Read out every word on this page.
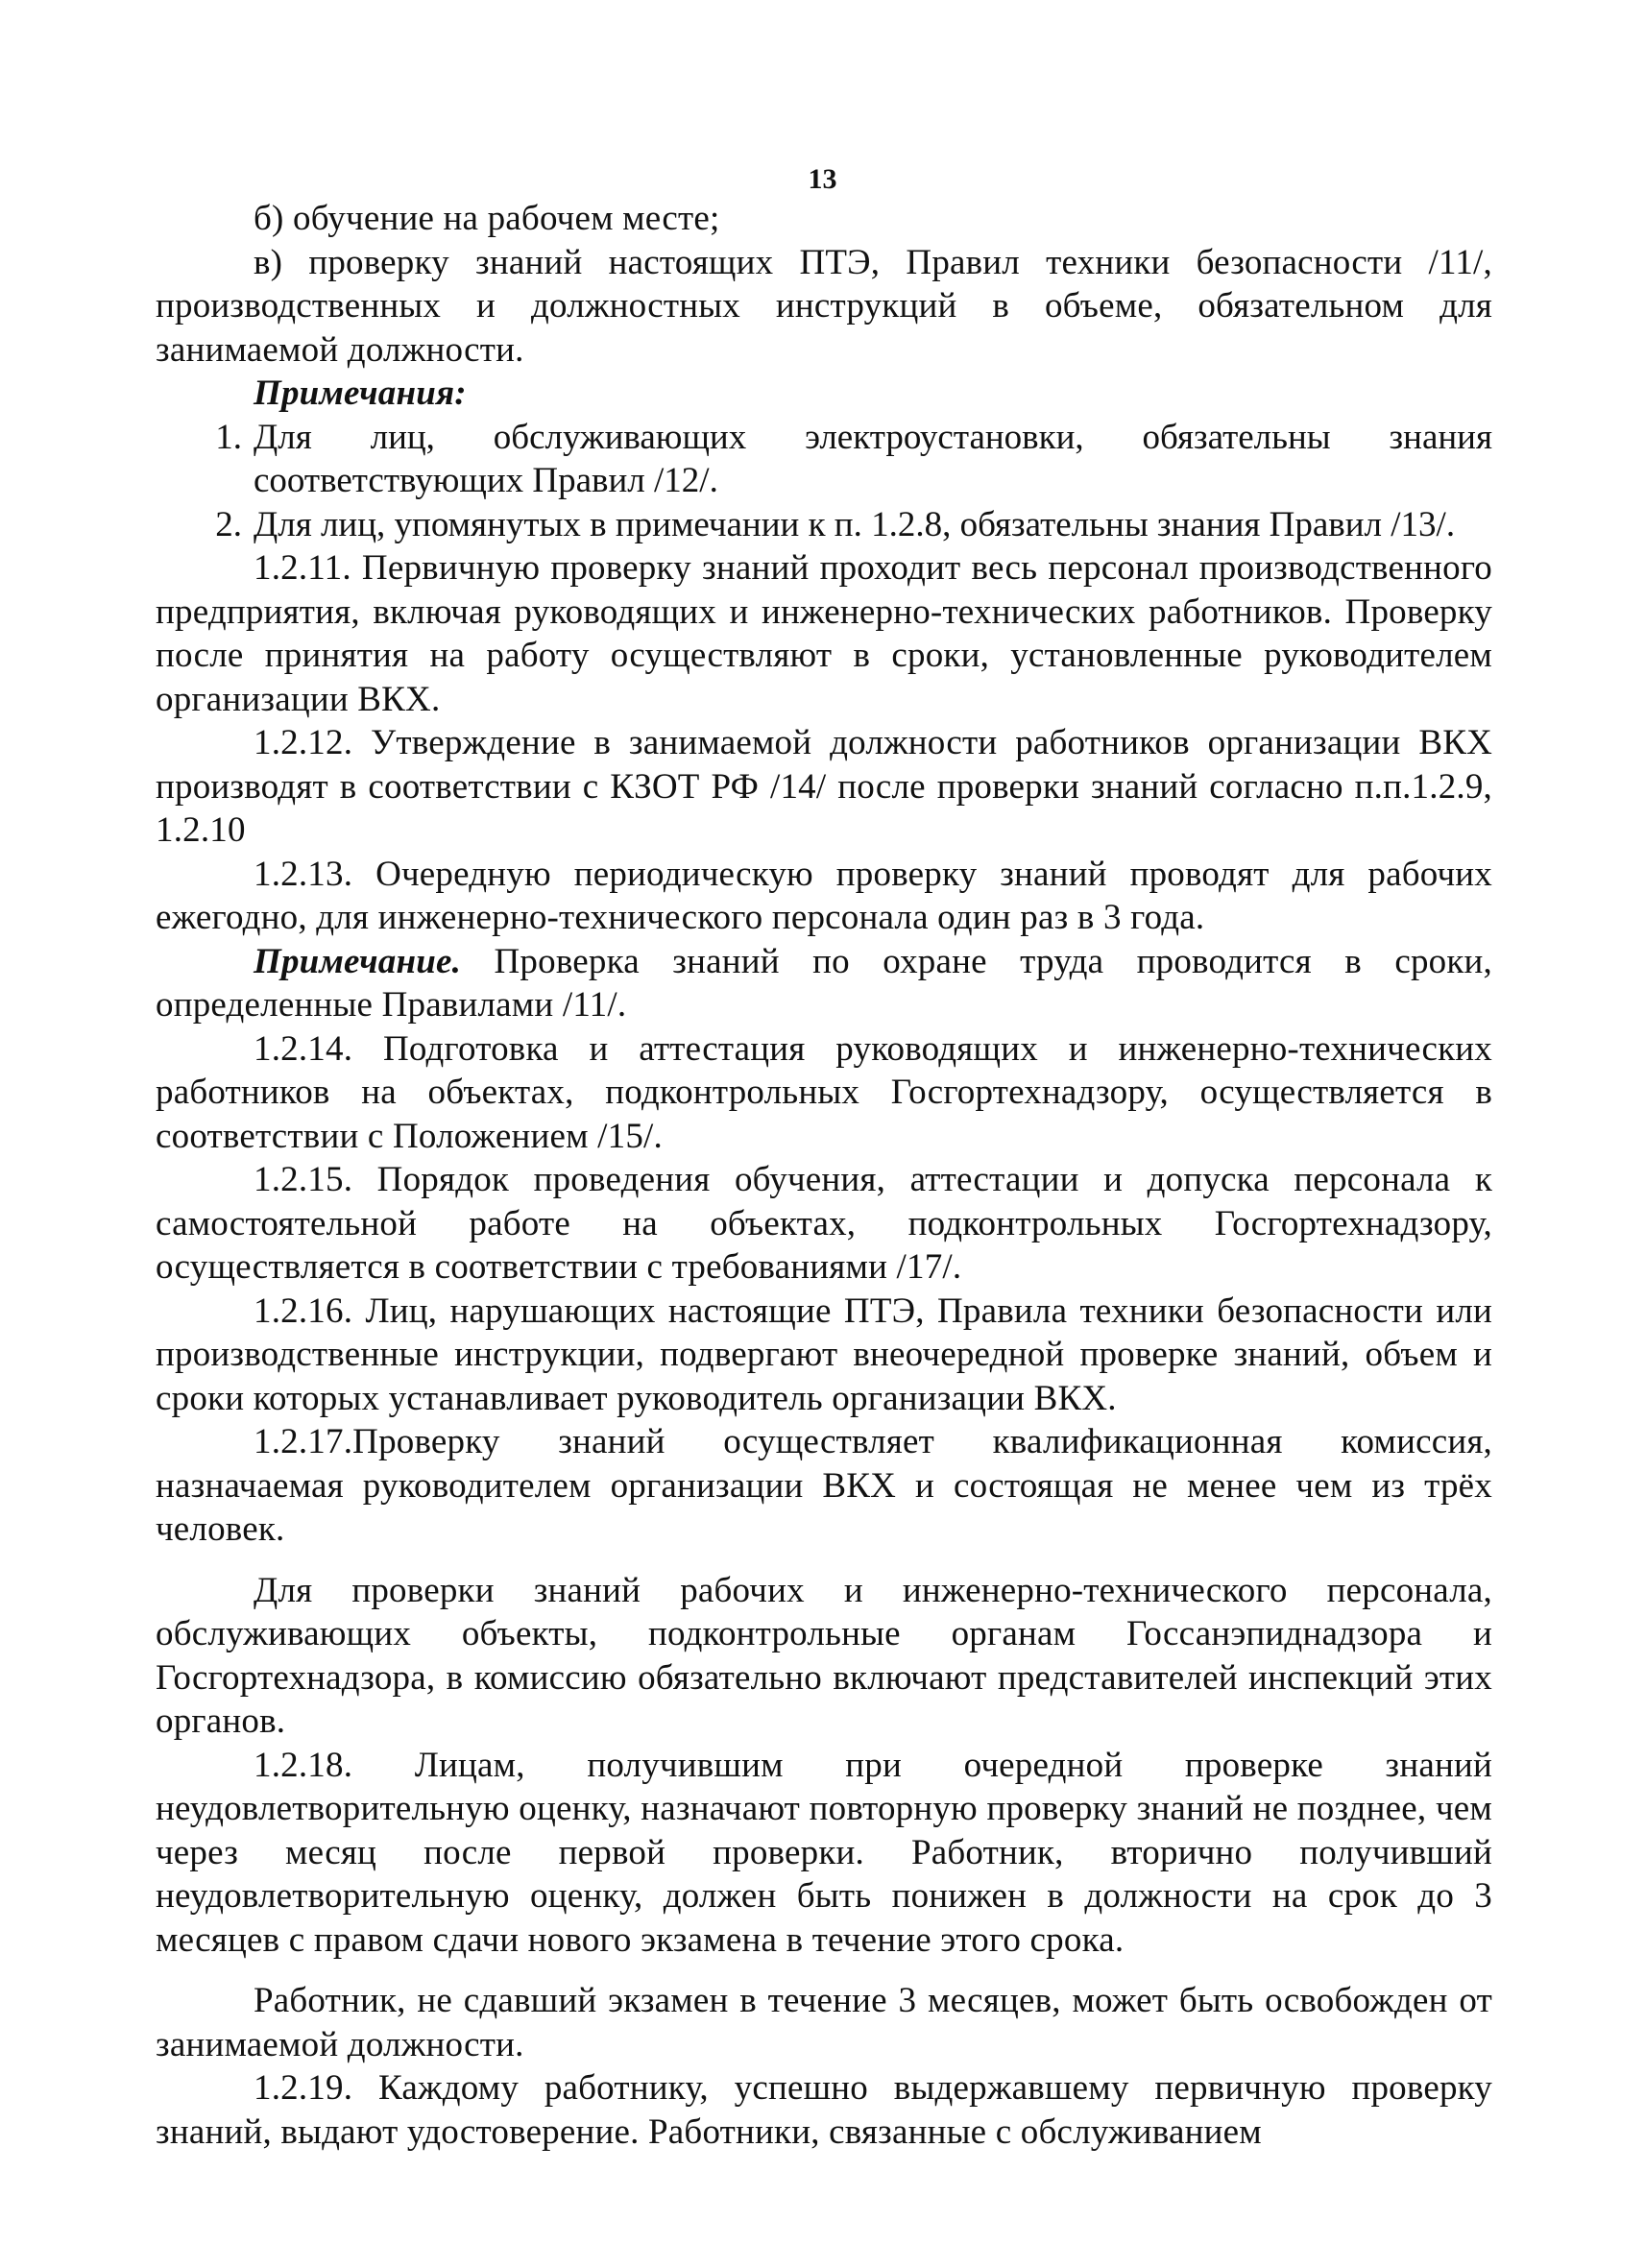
13

б) обучение на рабочем месте;

в) проверку знаний настоящих ПТЭ, Правил техники безопасности /11/, производственных и должностных инструкций в объеме, обязательном для занимаемой должности.

Примечания:

1. Для лиц, обслуживающих электроустановки, обязательны знания соответствующих Правил /12/.
2. Для лиц, упомянутых в примечании к п. 1.2.8, обязательны знания Правил /13/.

1.2.11. Первичную проверку знаний проходит весь персонал производственного предприятия, включая руководящих и инженерно-технических работников. Проверку после принятия на работу осуществляют в сроки, установленные руководителем организации ВКХ.

1.2.12. Утверждение в занимаемой должности работников организации ВКХ производят в соответствии с КЗОТ РФ /14/ после проверки знаний согласно п.п.1.2.9, 1.2.10

1.2.13. Очередную периодическую проверку знаний проводят для рабочих ежегодно, для инженерно-технического персонала один раз в 3 года.

Примечание. Проверка знаний по охране труда проводится в сроки, определенные Правилами /11/.

1.2.14. Подготовка и аттестация руководящих и инженерно-технических работников на объектах, подконтрольных Госгортехнадзору, осуществляется в соответствии с Положением /15/.

1.2.15. Порядок проведения обучения, аттестации и допуска персонала к самостоятельной работе на объектах, подконтрольных Госгортехнадзору, осуществляется в соответствии с требованиями /17/.

1.2.16. Лиц, нарушающих настоящие ПТЭ, Правила техники безопасности или производственные инструкции, подвергают внеочередной проверке знаний, объем и сроки которых устанавливает руководитель организации ВКХ.

1.2.17.Проверку знаний осуществляет квалификационная комиссия, назначаемая руководителем организации ВКХ и состоящая не менее чем из трёх человек.

Для проверки знаний рабочих и инженерно-технического персонала, обслуживающих объекты, подконтрольные органам Госсанэпиднадзора и Госгортехнадзора, в комиссию обязательно включают представителей инспекций этих органов.

1.2.18. Лицам, получившим при очередной проверке знаний неудовлетворительную оценку, назначают повторную проверку знаний не позднее, чем через месяц после первой проверки. Работник, вторично получивший неудовлетворительную оценку, должен быть понижен в должности на срок до 3 месяцев с правом сдачи нового экзамена в течение этого срока.

Работник, не сдавший экзамен в течение 3 месяцев, может быть освобожден от занимаемой должности.

1.2.19. Каждому работнику, успешно выдержавшему первичную проверку знаний, выдают удостоверение. Работники, связанные с обслуживанием
